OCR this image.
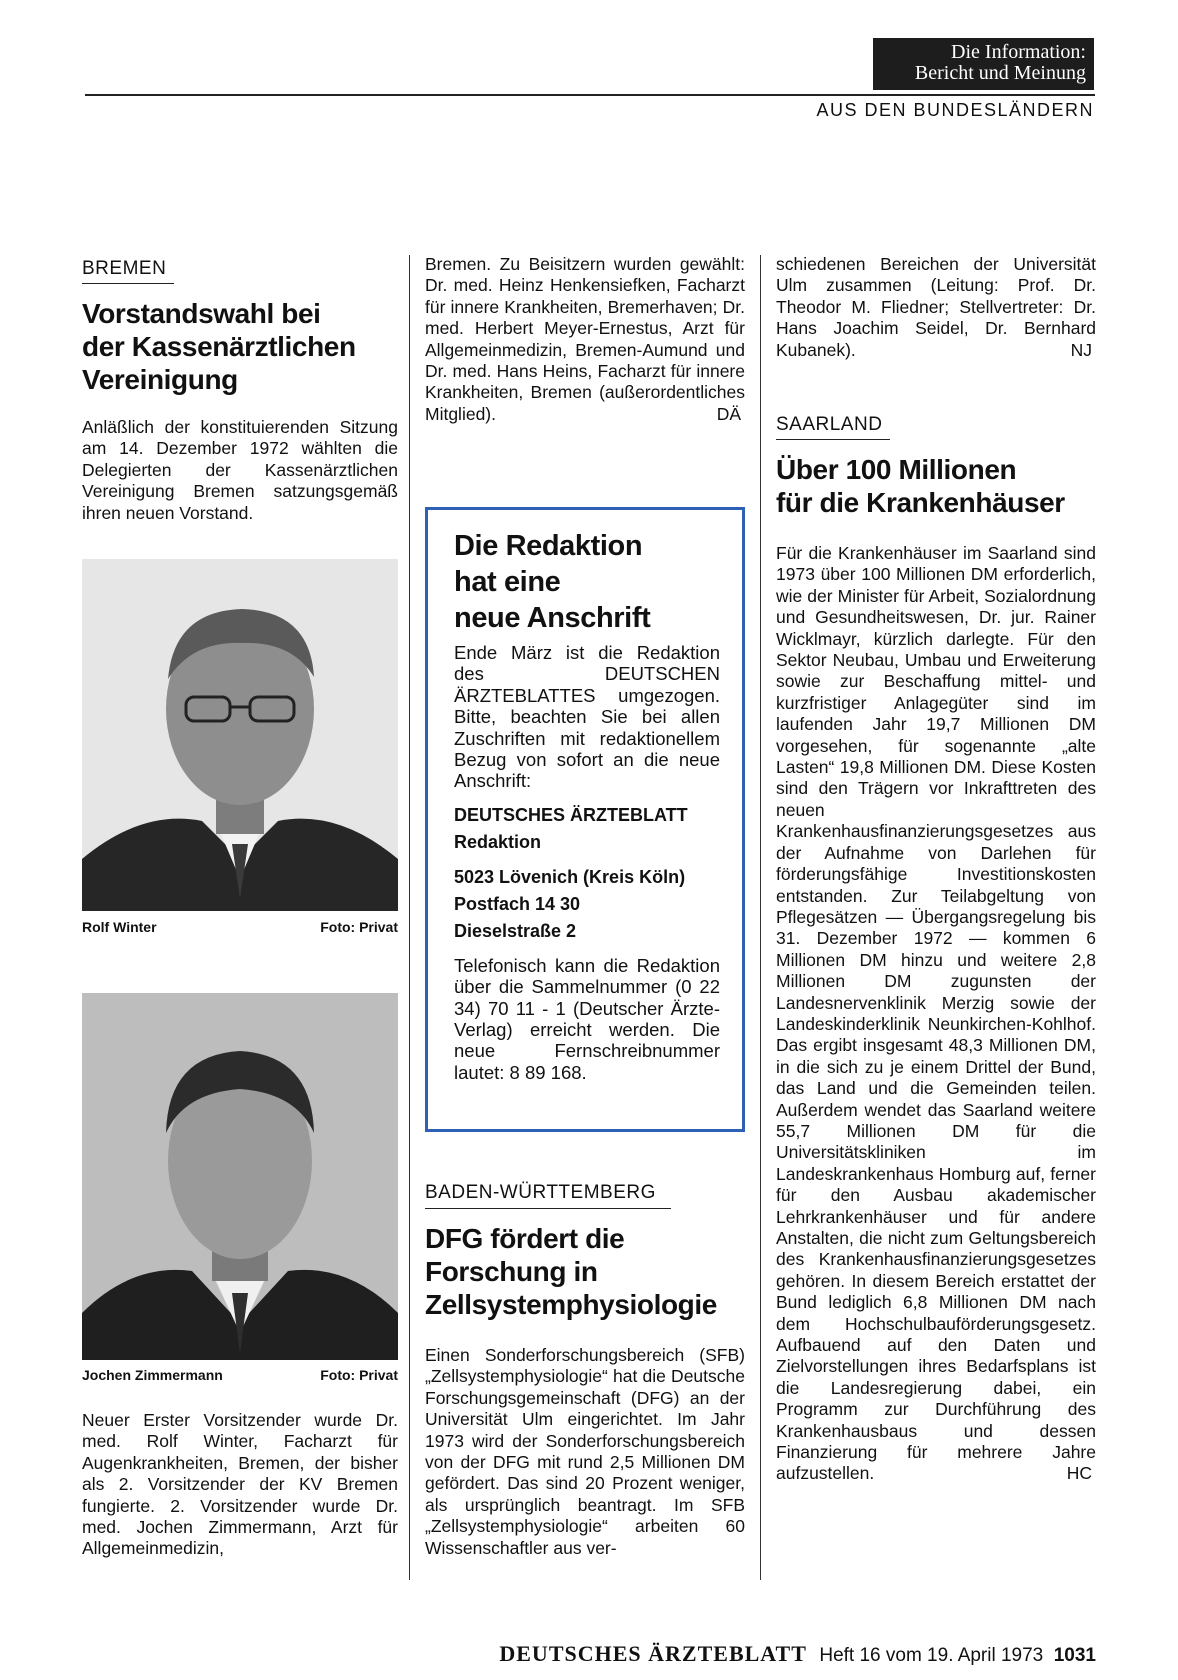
Die Information:
Bericht und Meinung
AUS DEN BUNDESLÄNDERN
BREMEN
Vorstandswahl bei
der Kassenärztlichen
Vereinigung
Anläßlich der konstituierenden Sitzung am 14. Dezember 1972 wählten die Delegierten der Kassenärztlichen Vereinigung Bremen satzungsgemäß ihren neuen Vorstand.
Rolf Winter	Foto: Privat
Jochen Zimmermann	Foto: Privat
Neuer Erster Vorsitzender wurde Dr. med. Rolf Winter, Facharzt für Augenkrankheiten, Bremen, der bisher als 2. Vorsitzender der KV Bremen fungierte. 2. Vorsitzender wurde Dr. med. Jochen Zimmermann, Arzt für Allgemeinmedizin,
Bremen. Zu Beisitzern wurden gewählt: Dr. med. Heinz Henkensiefken, Facharzt für innere Krankheiten, Bremerhaven; Dr. med. Herbert Meyer-Ernestus, Arzt für Allgemeinmedizin, Bremen-Aumund und Dr. med. Hans Heins, Facharzt für innere Krankheiten, Bremen (außerordentliches Mitglied).	DÄ
Die Redaktion
hat eine
neue Anschrift
Ende März ist die Redaktion des DEUTSCHEN ÄRZTEBLATTES umgezogen. Bitte, beachten Sie bei allen Zuschriften mit redaktionellem Bezug von sofort an die neue Anschrift:
DEUTSCHES ÄRZTEBLATT
Redaktion
5023 Lövenich (Kreis Köln)
Postfach 14 30
Dieselstraße 2
Telefonisch kann die Redaktion über die Sammelnummer (0 22 34) 70 11 - 1 (Deutscher Ärzte-Verlag) erreicht werden. Die neue Fernschreibnummer lautet: 8 89 168.
BADEN-WÜRTTEMBERG
DFG fördert die
Forschung in
Zellsystemphysiologie
Einen Sonderforschungsbereich (SFB) „Zellsystemphysiologie“ hat die Deutsche Forschungsgemeinschaft (DFG) an der Universität Ulm eingerichtet. Im Jahr 1973 wird der Sonderforschungsbereich von der DFG mit rund 2,5 Millionen DM gefördert. Das sind 20 Prozent weniger, als ursprünglich beantragt. Im SFB „Zellsystemphysiologie“ arbeiten 60 Wissenschaftler aus ver-
schiedenen Bereichen der Universität Ulm zusammen (Leitung: Prof. Dr. Theodor M. Fliedner; Stellvertreter: Dr. Hans Joachim Seidel, Dr. Bernhard Kubanek).	NJ
SAARLAND
Über 100 Millionen
für die Krankenhäuser
Für die Krankenhäuser im Saarland sind 1973 über 100 Millionen DM erforderlich, wie der Minister für Arbeit, Sozialordnung und Gesundheitswesen, Dr. jur. Rainer Wicklmayr, kürzlich darlegte. Für den Sektor Neubau, Umbau und Erweiterung sowie zur Beschaffung mittel- und kurzfristiger Anlagegüter sind im laufenden Jahr 19,7 Millionen DM vorgesehen, für sogenannte „alte Lasten“ 19,8 Millionen DM. Diese Kosten sind den Trägern vor Inkrafttreten des neuen Krankenhausfinanzierungsgesetzes aus der Aufnahme von Darlehen für förderungsfähige Investitionskosten entstanden. Zur Teilabgeltung von Pflegesätzen — Übergangsregelung bis 31. Dezember 1972 — kommen 6 Millionen DM hinzu und weitere 2,8 Millionen DM zugunsten der Landesnervenklinik Merzig sowie der Landeskinderklinik Neunkirchen-Kohlhof. Das ergibt insgesamt 48,3 Millionen DM, in die sich zu je einem Drittel der Bund, das Land und die Gemeinden teilen. Außerdem wendet das Saarland weitere 55,7 Millionen DM für die Universitätskliniken im Landeskrankenhaus Homburg auf, ferner für den Ausbau akademischer Lehrkrankenhäuser und für andere Anstalten, die nicht zum Geltungsbereich des Krankenhausfinanzierungsgesetzes gehören. In diesem Bereich erstattet der Bund lediglich 6,8 Millionen DM nach dem Hochschulbauförderungsgesetz. Aufbauend auf den Daten und Zielvorstellungen ihres Bedarfsplans ist die Landesregierung dabei, ein Programm zur Durchführung des Krankenhausbaus und dessen Finanzierung für mehrere Jahre aufzustellen.	HC
DEUTSCHES ÄRZTEBLATT Heft 16 vom 19. April 1973 1031
